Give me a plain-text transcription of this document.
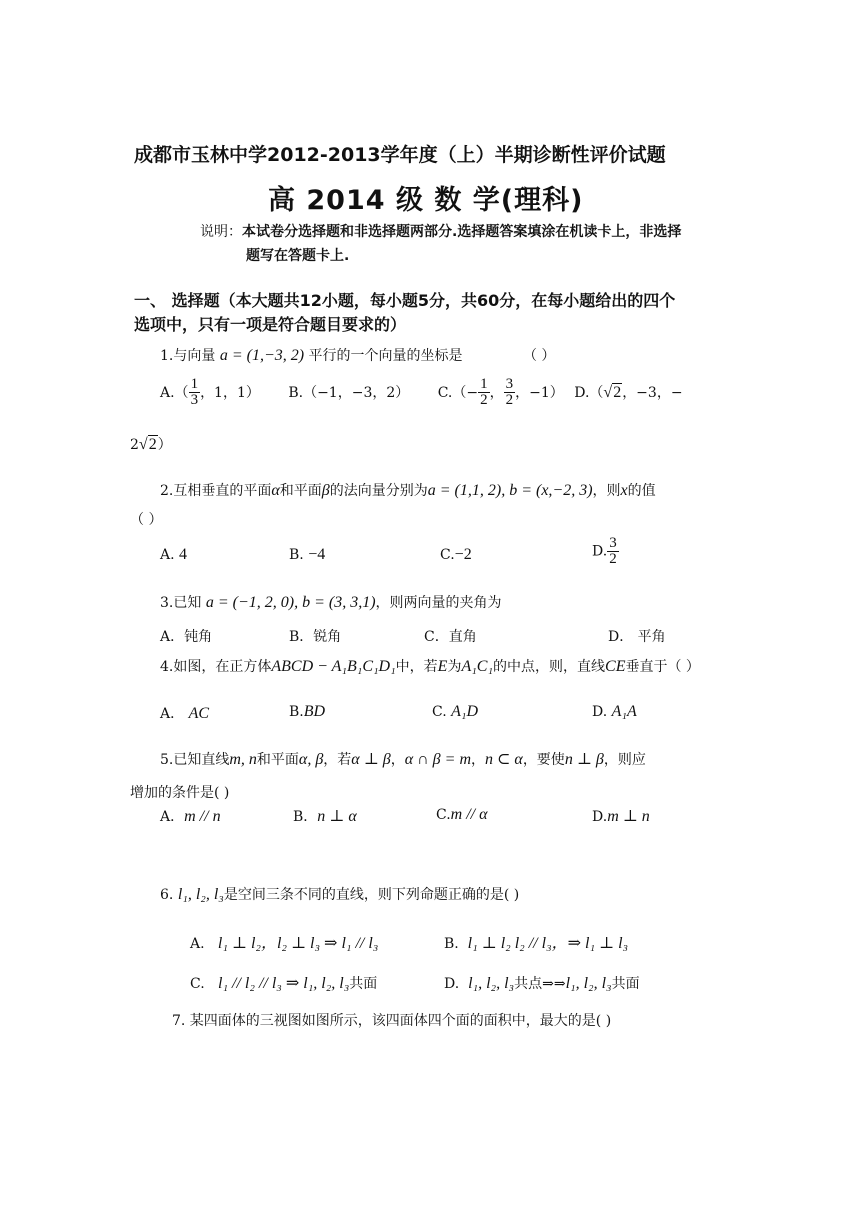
成都市玉林中学2012-2013学年度（上）半期诊断性评价试题
高 2014 级 数 学(理科)
说明：本试卷分选择题和非选择题两部分.选择题答案填涂在机读卡上，非选择
题写在答题卡上.
一、 选择题（本大题共12小题，每小题5分，共60分，在每小题给出的四个
选项中，只有一项是符合题目要求的）
1.与向量 a = (1,−3, 2) 平行的一个向量的坐标是	（ ）
$A.( \frac{1}{3}$ ，1，1） B.（−1，−3，2） $C.(- \frac{1}{2}$ ， $\frac{3}{2}$ ，−1） D.（√2，−3，−
2√2）
2.互相垂直的平面α和平面β的法向量分别为a = (1,1, 2), b = (x,−2, 3)，则x的值
（ ）
A. 4	B. −4	C.−2	D. $\frac{3}{2}$
3.已知 a = (−1, 2, 0), b = (3, 3,1)，则两向量的夹角为
A．钝角	B．锐角	C．直角	D． 平角
4.如图，在正方体ABCD − A₁B₁C₁D₁中，若E为A₁C₁的中点，则，直线CE垂直于（ ）
A． AC	B.BD	C. A₁D	D. A₁A
5.已知直线m, n和平面α, β，若α ⊥ β，α ∩ β = m，n ⊂ α，要使n ⊥ β，则应
增加的条件是( )
A．m // n	B．n ⊥ α	C.m // α	D.m ⊥ n
6. l₁, l₂, l₃是空间三条不同的直线，则下列命题正确的是( )
A. l₁ ⊥ l₂，l₂ ⊥ l₃ ⇒ l₁ // l₃	B. l₁ ⊥ l₂ l₂ // l₃，⇒ l₁ ⊥ l₃
C. l₁ // l₂ // l₃ ⇒ l₁, l₂, l₃共面	D. l₁, l₂, l₃共点⇒⇒l₁, l₂, l₃共面
7. 某四面体的三视图如图所示，该四面体四个面的面积中，最大的是( )
